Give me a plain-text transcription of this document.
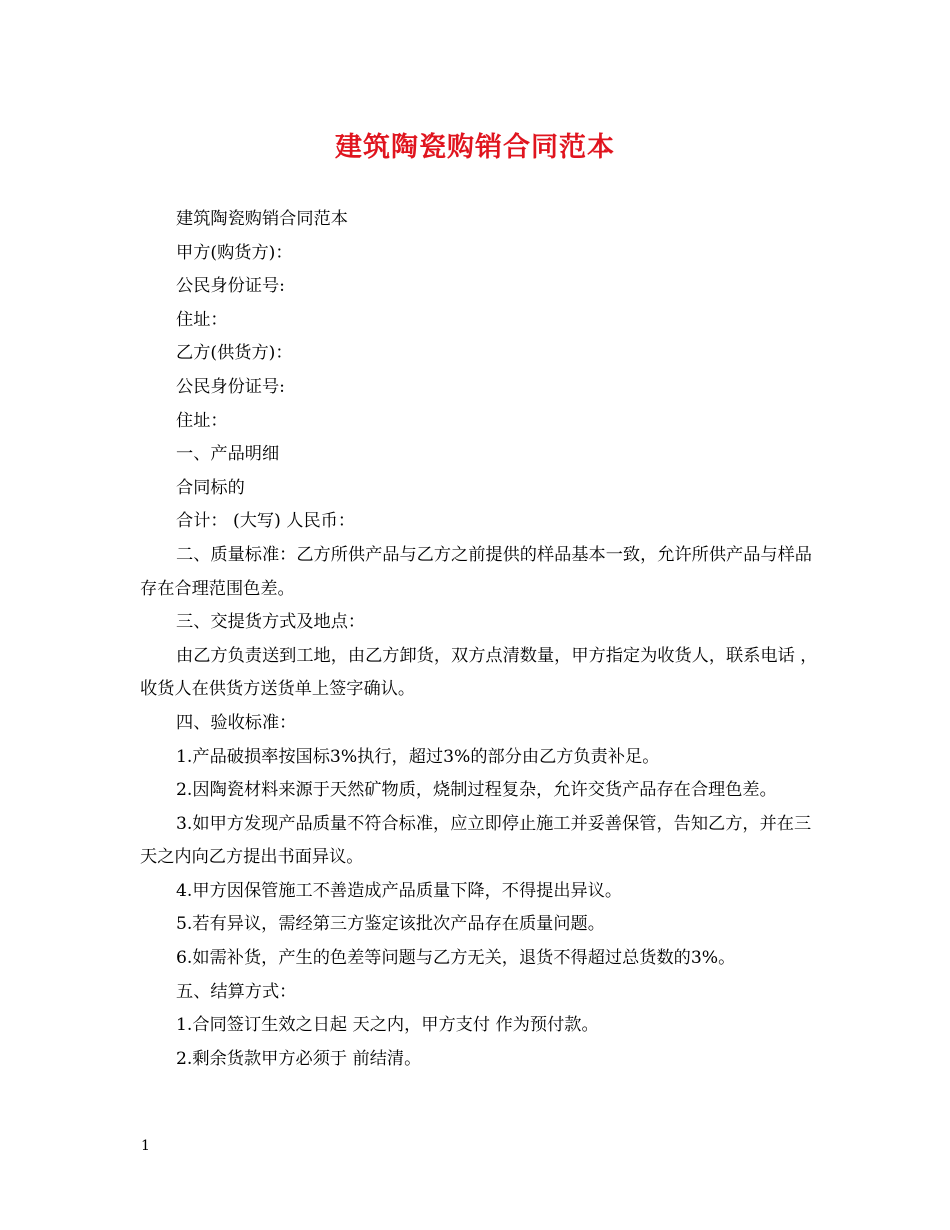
建筑陶瓷购销合同范本

建筑陶瓷购销合同范本

甲方(购货方)：

公民身份证号:

住址：

乙方(供货方)：

公民身份证号:

住址：

一、产品明细

合同标的

合计： (大写) 人民币：

二、质量标准：乙方所供产品与乙方之前提供的样品基本一致，允许所供产品与样品存在合理范围色差。

三、交提货方式及地点：

由乙方负责送到工地，由乙方卸货，双方点清数量，甲方指定为收货人，联系电话 ，收货人在供货方送货单上签字确认。

四、验收标准：

1.产品破损率按国标3%执行，超过3%的部分由乙方负责补足。

2.因陶瓷材料来源于天然矿物质，烧制过程复杂，允许交货产品存在合理色差。

3.如甲方发现产品质量不符合标准，应立即停止施工并妥善保管，告知乙方，并在三天之内向乙方提出书面异议。

4.甲方因保管施工不善造成产品质量下降，不得提出异议。

5.若有异议，需经第三方鉴定该批次产品存在质量问题。

6.如需补货，产生的色差等问题与乙方无关，退货不得超过总货数的3%。

五、结算方式：

1.合同签订生效之日起 天之内，甲方支付 作为预付款。

2.剩余货款甲方必须于 前结清。

1
